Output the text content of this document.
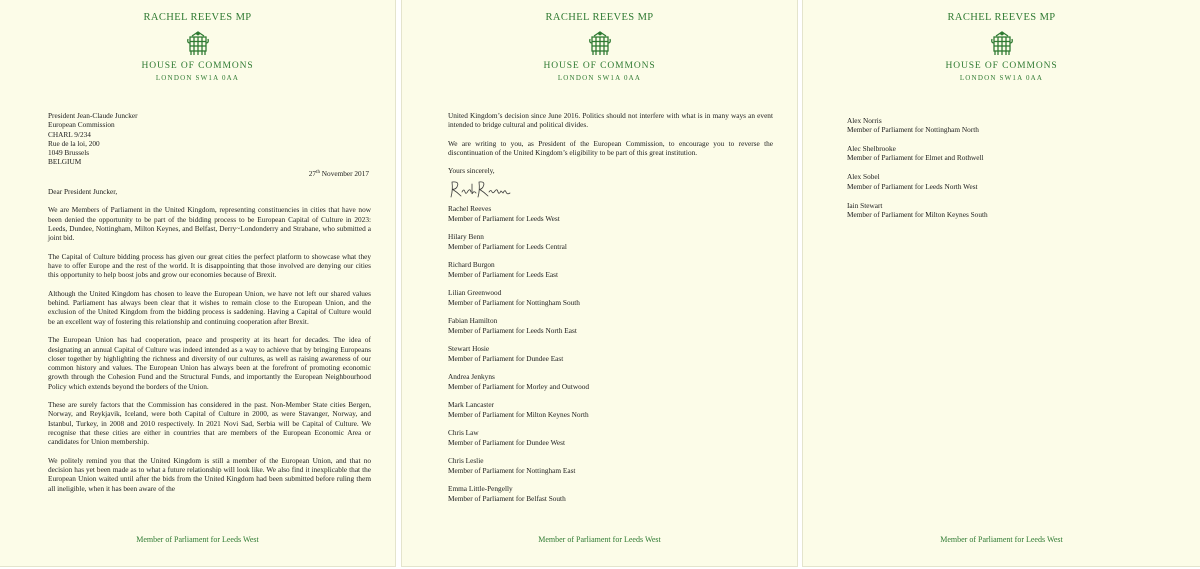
RACHEL REEVES MP
HOUSE OF COMMONS
LONDON SW1A 0AA
President Jean-Claude Juncker
European Commission
CHARL 9/234
Rue de la loi, 200
1049 Brussels
BELGIUM
27th November 2017
Dear President Juncker,

We are Members of Parliament in the United Kingdom, representing constituencies in cities that have now been denied the opportunity to be part of the bidding process to be European Capital of Culture in 2023: Leeds, Dundee, Nottingham, Milton Keynes, and Belfast, Derry~Londonderry and Strabane, who submitted a joint bid.

The Capital of Culture bidding process has given our great cities the perfect platform to showcase what they have to offer Europe and the rest of the world. It is disappointing that those involved are denying our cities this opportunity to help boost jobs and grow our economies because of Brexit.

Although the United Kingdom has chosen to leave the European Union, we have not left our shared values behind. Parliament has always been clear that it wishes to remain close to the European Union, and the exclusion of the United Kingdom from the bidding process is saddening. Having a Capital of Culture would be an excellent way of fostering this relationship and continuing cooperation after Brexit.

The European Union has had cooperation, peace and prosperity at its heart for decades. The idea of designating an annual Capital of Culture was indeed intended as a way to achieve that by bringing Europeans closer together by highlighting the richness and diversity of our cultures, as well as raising awareness of our common history and values. The European Union has always been at the forefront of promoting economic growth through the Cohesion Fund and the Structural Funds, and importantly the European Neighbourhood Policy which extends beyond the borders of the Union.

These are surely factors that the Commission has considered in the past. Non-Member State cities Bergen, Norway, and Reykjavik, Iceland, were both Capital of Culture in 2000, as were Stavanger, Norway, and Istanbul, Turkey, in 2008 and 2010 respectively. In 2021 Novi Sad, Serbia will be Capital of Culture. We recognise that these cities are either in countries that are members of the European Economic Area or candidates for Union membership.

We politely remind you that the United Kingdom is still a member of the European Union, and that no decision has yet been made as to what a future relationship will look like. We also find it inexplicable that the European Union waited until after the bids from the United Kingdom had been submitted before ruling them all ineligible, when it has been aware of the

Member of Parliament for Leeds West
RACHEL REEVES MP
HOUSE OF COMMONS
LONDON SW1A 0AA

United Kingdom’s decision since June 2016. Politics should not interfere with what is in many ways an event intended to bridge cultural and political divides.

We are writing to you, as President of the European Commission, to encourage you to reverse the discontinuation of the United Kingdom’s eligibility to be part of this great institution.

Yours sincerely,
Rachel Reeves
Member of Parliament for Leeds West
Hilary Benn
Member of Parliament for Leeds Central
Richard Burgon
Member of Parliament for Leeds East
Lilian Greenwood
Member of Parliament for Nottingham South
Fabian Hamilton
Member of Parliament for Leeds North East
Stewart Hosie
Member of Parliament for Dundee East
Andrea Jenkyns
Member of Parliament for Morley and Outwood
Mark Lancaster
Member of Parliament for Milton Keynes North
Chris Law
Member of Parliament for Dundee West
Chris Leslie
Member of Parliament for Nottingham East
Emma Little-Pengelly
Member of Parliament for Belfast South
Member of Parliament for Leeds West
RACHEL REEVES MP
HOUSE OF COMMONS
LONDON SW1A 0AA
Alex Norris
Member of Parliament for Nottingham North
Alec Shelbrooke
Member of Parliament for Elmet and Rothwell
Alex Sobel
Member of Parliament for Leeds North West
Iain Stewart
Member of Parliament for Milton Keynes South
Member of Parliament for Leeds West
